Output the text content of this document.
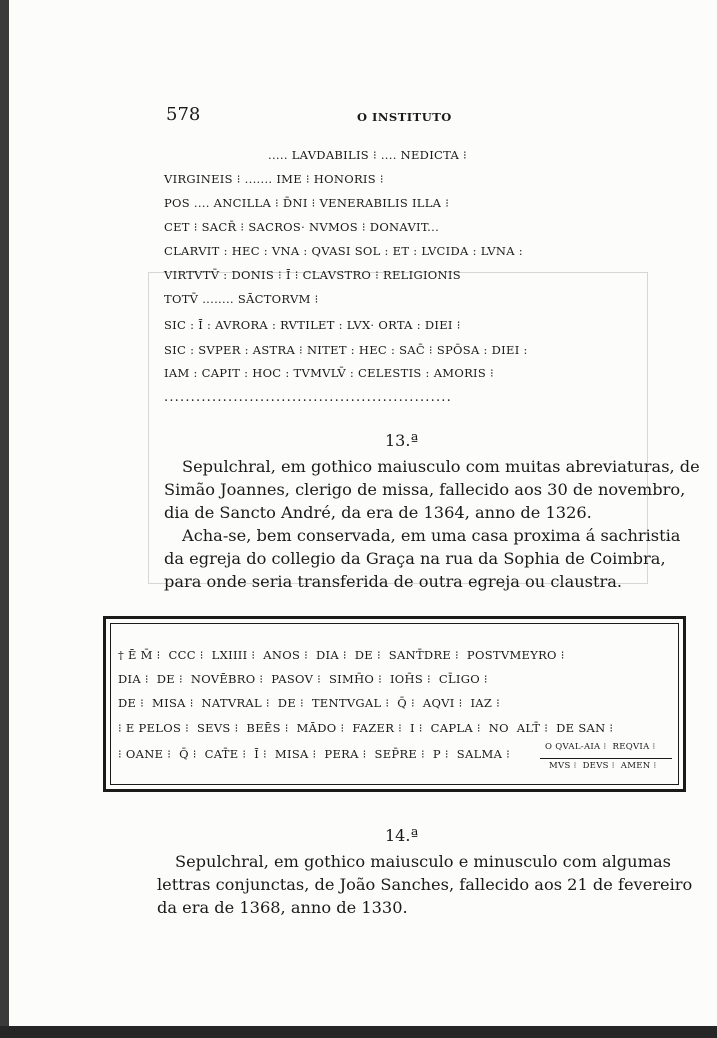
578	O INSTITUTO
..... LAVDABILIS ⁝ .... NEDICTA ⁝
VIRGINEIS ⁝ ....... IME ⁝ HONORIS ⁝
POS .... ANCILLA ⁝ D̄NI ⁝ VENERABILIS ILLA ⁝
CET ⁝ SACR̄ ⁝ SACROS· NVMOS ⁝ DONAVIT...
CLARVIT : HEC : VNA : QVASI SOL : ET : LVCIDA : LVNA :
VIRTVTV̄ : DONIS ⁝ Ī ⁝ CLAVSTRO ⁝ RELIGIONIS
TOTV̄ ........ SĀCTORVM ⁝
SIC : Ī : AVRORA : RVTILET : LVX· ORTA : DIEI ⁝
SIC : SVPER : ASTRA ⁝ NITET : HEC : SAC̄ ⁝ SPŌSA : DIEI :
IAM : CAPIT : HOC : TVMVLV̄ : CELESTIS : AMORIS ⁝
......................................................
13.ª
Sepulchral, em gothico maiusculo com muitas abreviaturas, de
Simão Joannes, clerigo de missa, fallecido aos 30 de novembro,
dia de Sancto André, da era de 1364, anno de 1326.
Acha-se, bem conservada, em uma casa proxima á sachristia
da egreja do collegio da Graça na rua da Sophia de Coimbra,
para onde seria transferida de outra egreja ou claustra.
† Ē M̄ ⁝  CCC ⁝  LXIIII ⁝  ANOS ⁝  DIA ⁝  DE ⁝  SANT̄DRE ⁝  POSTVMEYRO ⁝
DIA ⁝  DE ⁝  NOVĒBRO ⁝  PASOV ⁝  SIMH̄O ⁝  IOH̄S ⁝  CL̄IGO ⁝
DE ⁝  MISA ⁝  NATVRAL ⁝  DE ⁝  TENTVGAL ⁝  Q̄ ⁝  AQVI ⁝  IAZ ⁝
⁝ E PELOS ⁝  SEVS ⁝  BEĒS ⁝  MĀDO ⁝  FAZER ⁝  I ⁝  CAPLA ⁝  NO  ALT̄ ⁝  DE SAN ⁝
⁝ OANE ⁝  Q̄ ⁝  CAT̄E ⁝  Ī ⁝  MISA ⁝  PERA ⁝  SEP̄RE ⁝  P ⁝  SALMA ⁝	O QVAL-AIA ⁝  REQVIA ⁝
MVS ⁝  DEVS ⁝  AMEN ⁝
14.ª
Sepulchral, em gothico maiusculo e minusculo com algumas
lettras conjunctas, de João Sanches, fallecido aos 21 de fevereiro
da era de 1368, anno de 1330.
